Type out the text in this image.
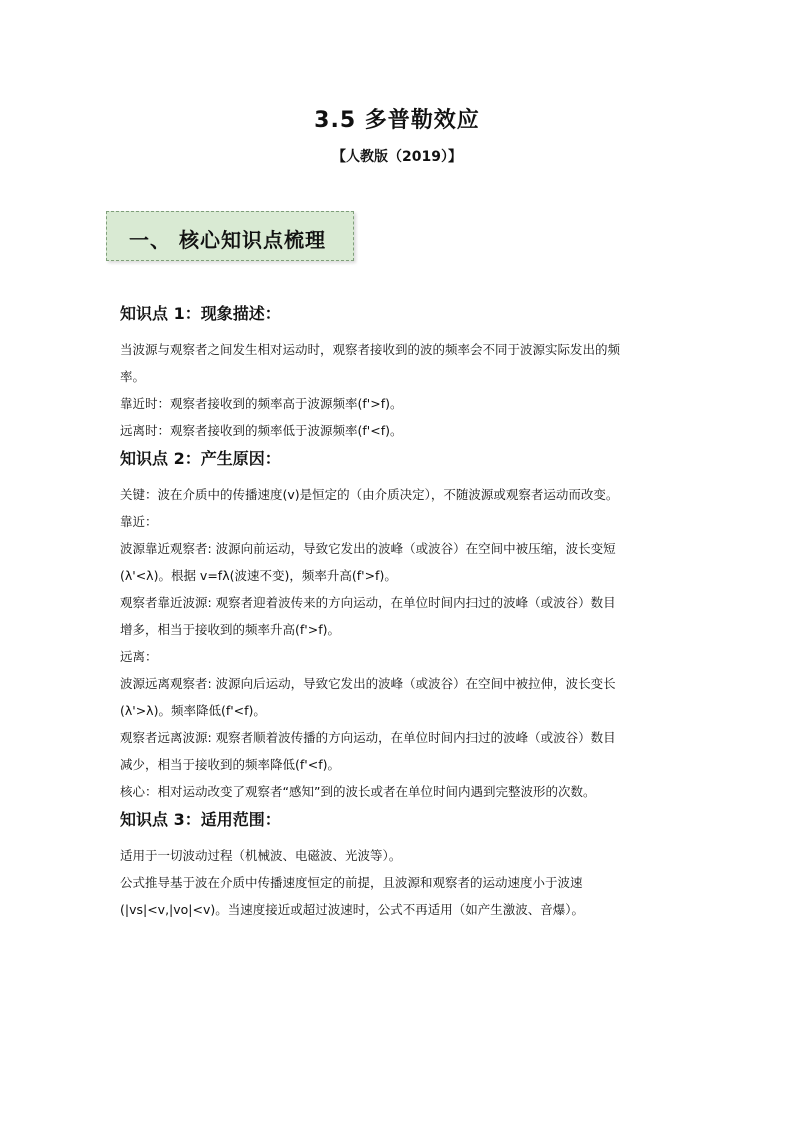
3.5 多普勒效应
【人教版（2019）】
一、 核心知识点梳理
知识点 1：现象描述：

当波源与观察者之间发生相对运动时，观察者接收到的波的频率会不同于波源实际发出的频

率。

靠近时：观察者接收到的频率高于波源频率(f'>f)。

远离时：观察者接收到的频率低于波源频率(f'<f)。

知识点 2：产生原因：

关键：波在介质中的传播速度(v)是恒定的（由介质决定），不随波源或观察者运动而改变。

靠近：

波源靠近观察者: 波源向前运动，导致它发出的波峰（或波谷）在空间中被压缩，波长变短

(λ'<λ)。根据 v=fλ(波速不变)，频率升高(f'>f)。

观察者靠近波源: 观察者迎着波传来的方向运动，在单位时间内扫过的波峰（或波谷）数目

增多，相当于接收到的频率升高(f'>f)。

远离：

波源远离观察者: 波源向后运动，导致它发出的波峰（或波谷）在空间中被拉伸，波长变长

(λ'>λ)。频率降低(f'<f)。

观察者远离波源: 观察者顺着波传播的方向运动，在单位时间内扫过的波峰（或波谷）数目

减少，相当于接收到的频率降低(f'<f)。

核心：相对运动改变了观察者“感知”到的波长或者在单位时间内遇到完整波形的次数。

知识点 3：适用范围：

适用于一切波动过程（机械波、电磁波、光波等）。

公式推导基于波在介质中传播速度恒定的前提，且波源和观察者的运动速度小于波速

(|vs|<v,|vo|<v)。当速度接近或超过波速时，公式不再适用（如产生激波、音爆）。
